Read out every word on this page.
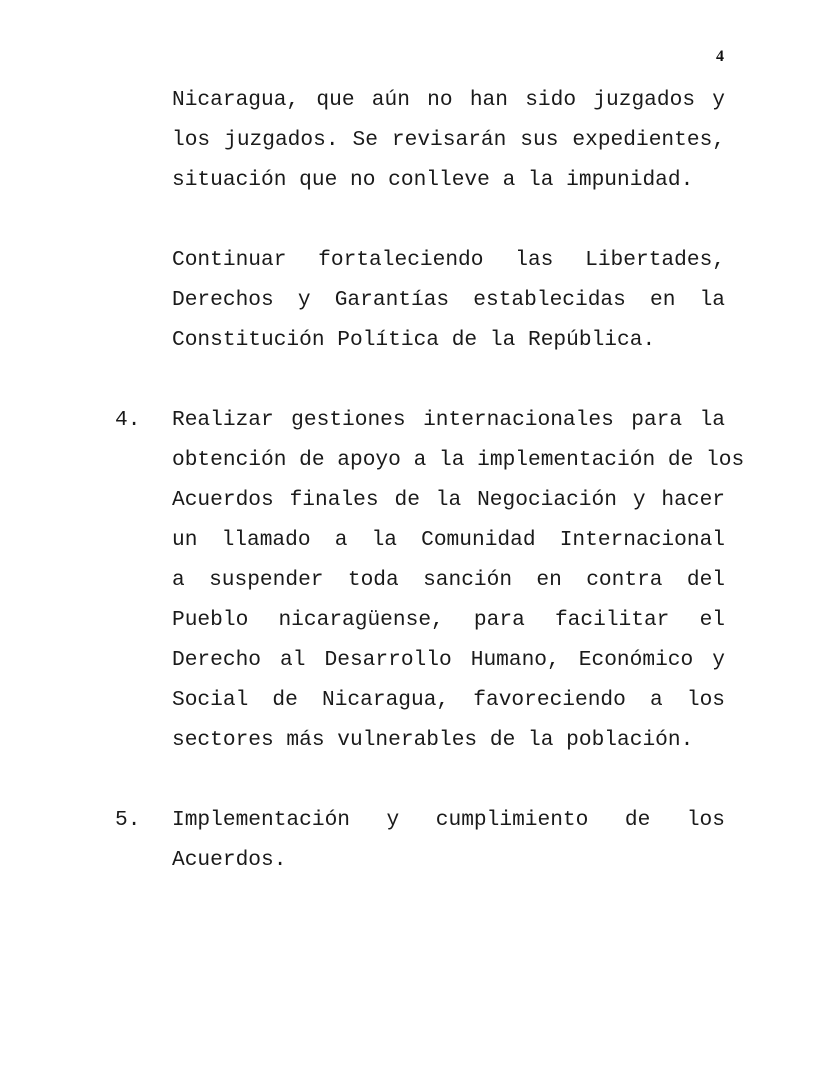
4
Nicaragua, que aún no han sido juzgados y
los juzgados. Se revisarán sus expedientes,
situación que no conlleve a la impunidad.
Continuar fortaleciendo las Libertades,
Derechos y Garantías establecidas en la
Constitución Política de la República.
4. Realizar gestiones internacionales para la
obtención de apoyo a la implementación de los
Acuerdos finales de la Negociación y hacer
un llamado a la Comunidad Internacional
a suspender toda sanción en contra del
Pueblo nicaragüense, para facilitar el
Derecho al Desarrollo Humano, Económico y
Social de Nicaragua, favoreciendo a los
sectores más vulnerables de la población.
5. Implementación y cumplimiento de los
Acuerdos.
